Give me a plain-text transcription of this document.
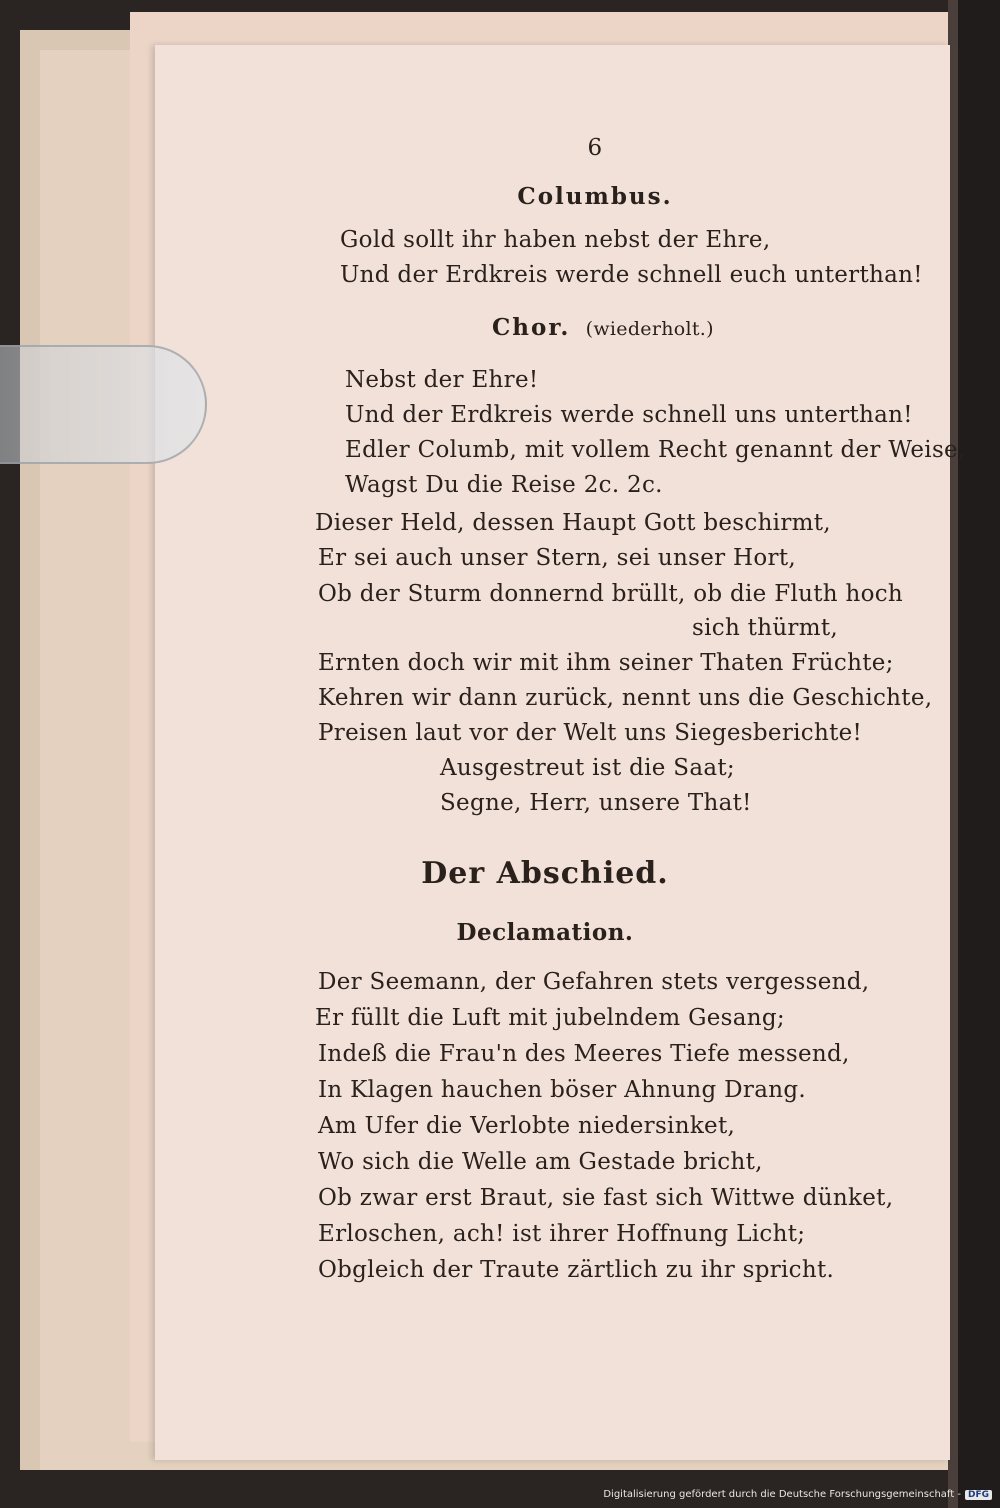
6

Columbus.

Gold sollt ihr haben nebst der Ehre,

Und der Erdkreis werde schnell euch unterthan!

Chor. (wiederholt.)

Nebst der Ehre!

Und der Erdkreis werde schnell uns unterthan!

Edler Columb, mit vollem Recht genannt der Weise,

Wagst Du die Reise 2c. 2c.

Dieser Held, dessen Haupt Gott beschirmt,

Er sei auch unser Stern, sei unser Hort,

Ob der Sturm donnernd brüllt, ob die Fluth hoch

sich thürmt,

Ernten doch wir mit ihm seiner Thaten Früchte;

Kehren wir dann zurück, nennt uns die Geschichte,

Preisen laut vor der Welt uns Siegesberichte!

Ausgestreut ist die Saat;

Segne, Herr, unsere That!

Der Abschied.

Declamation.

Der Seemann, der Gefahren stets vergessend,

Er füllt die Luft mit jubelndem Gesang;

Indeß die Frau'n des Meeres Tiefe messend,

In Klagen hauchen böser Ahnung Drang.

Am Ufer die Verlobte niedersinket,

Wo sich die Welle am Gestade bricht,

Ob zwar erst Braut, sie fast sich Wittwe dünket,

Erloschen, ach! ist ihrer Hoffnung Licht;

Obgleich der Traute zärtlich zu ihr spricht.

Digitalisierung gefördert durch die Deutsche Forschungsgemeinschaft - DFG
